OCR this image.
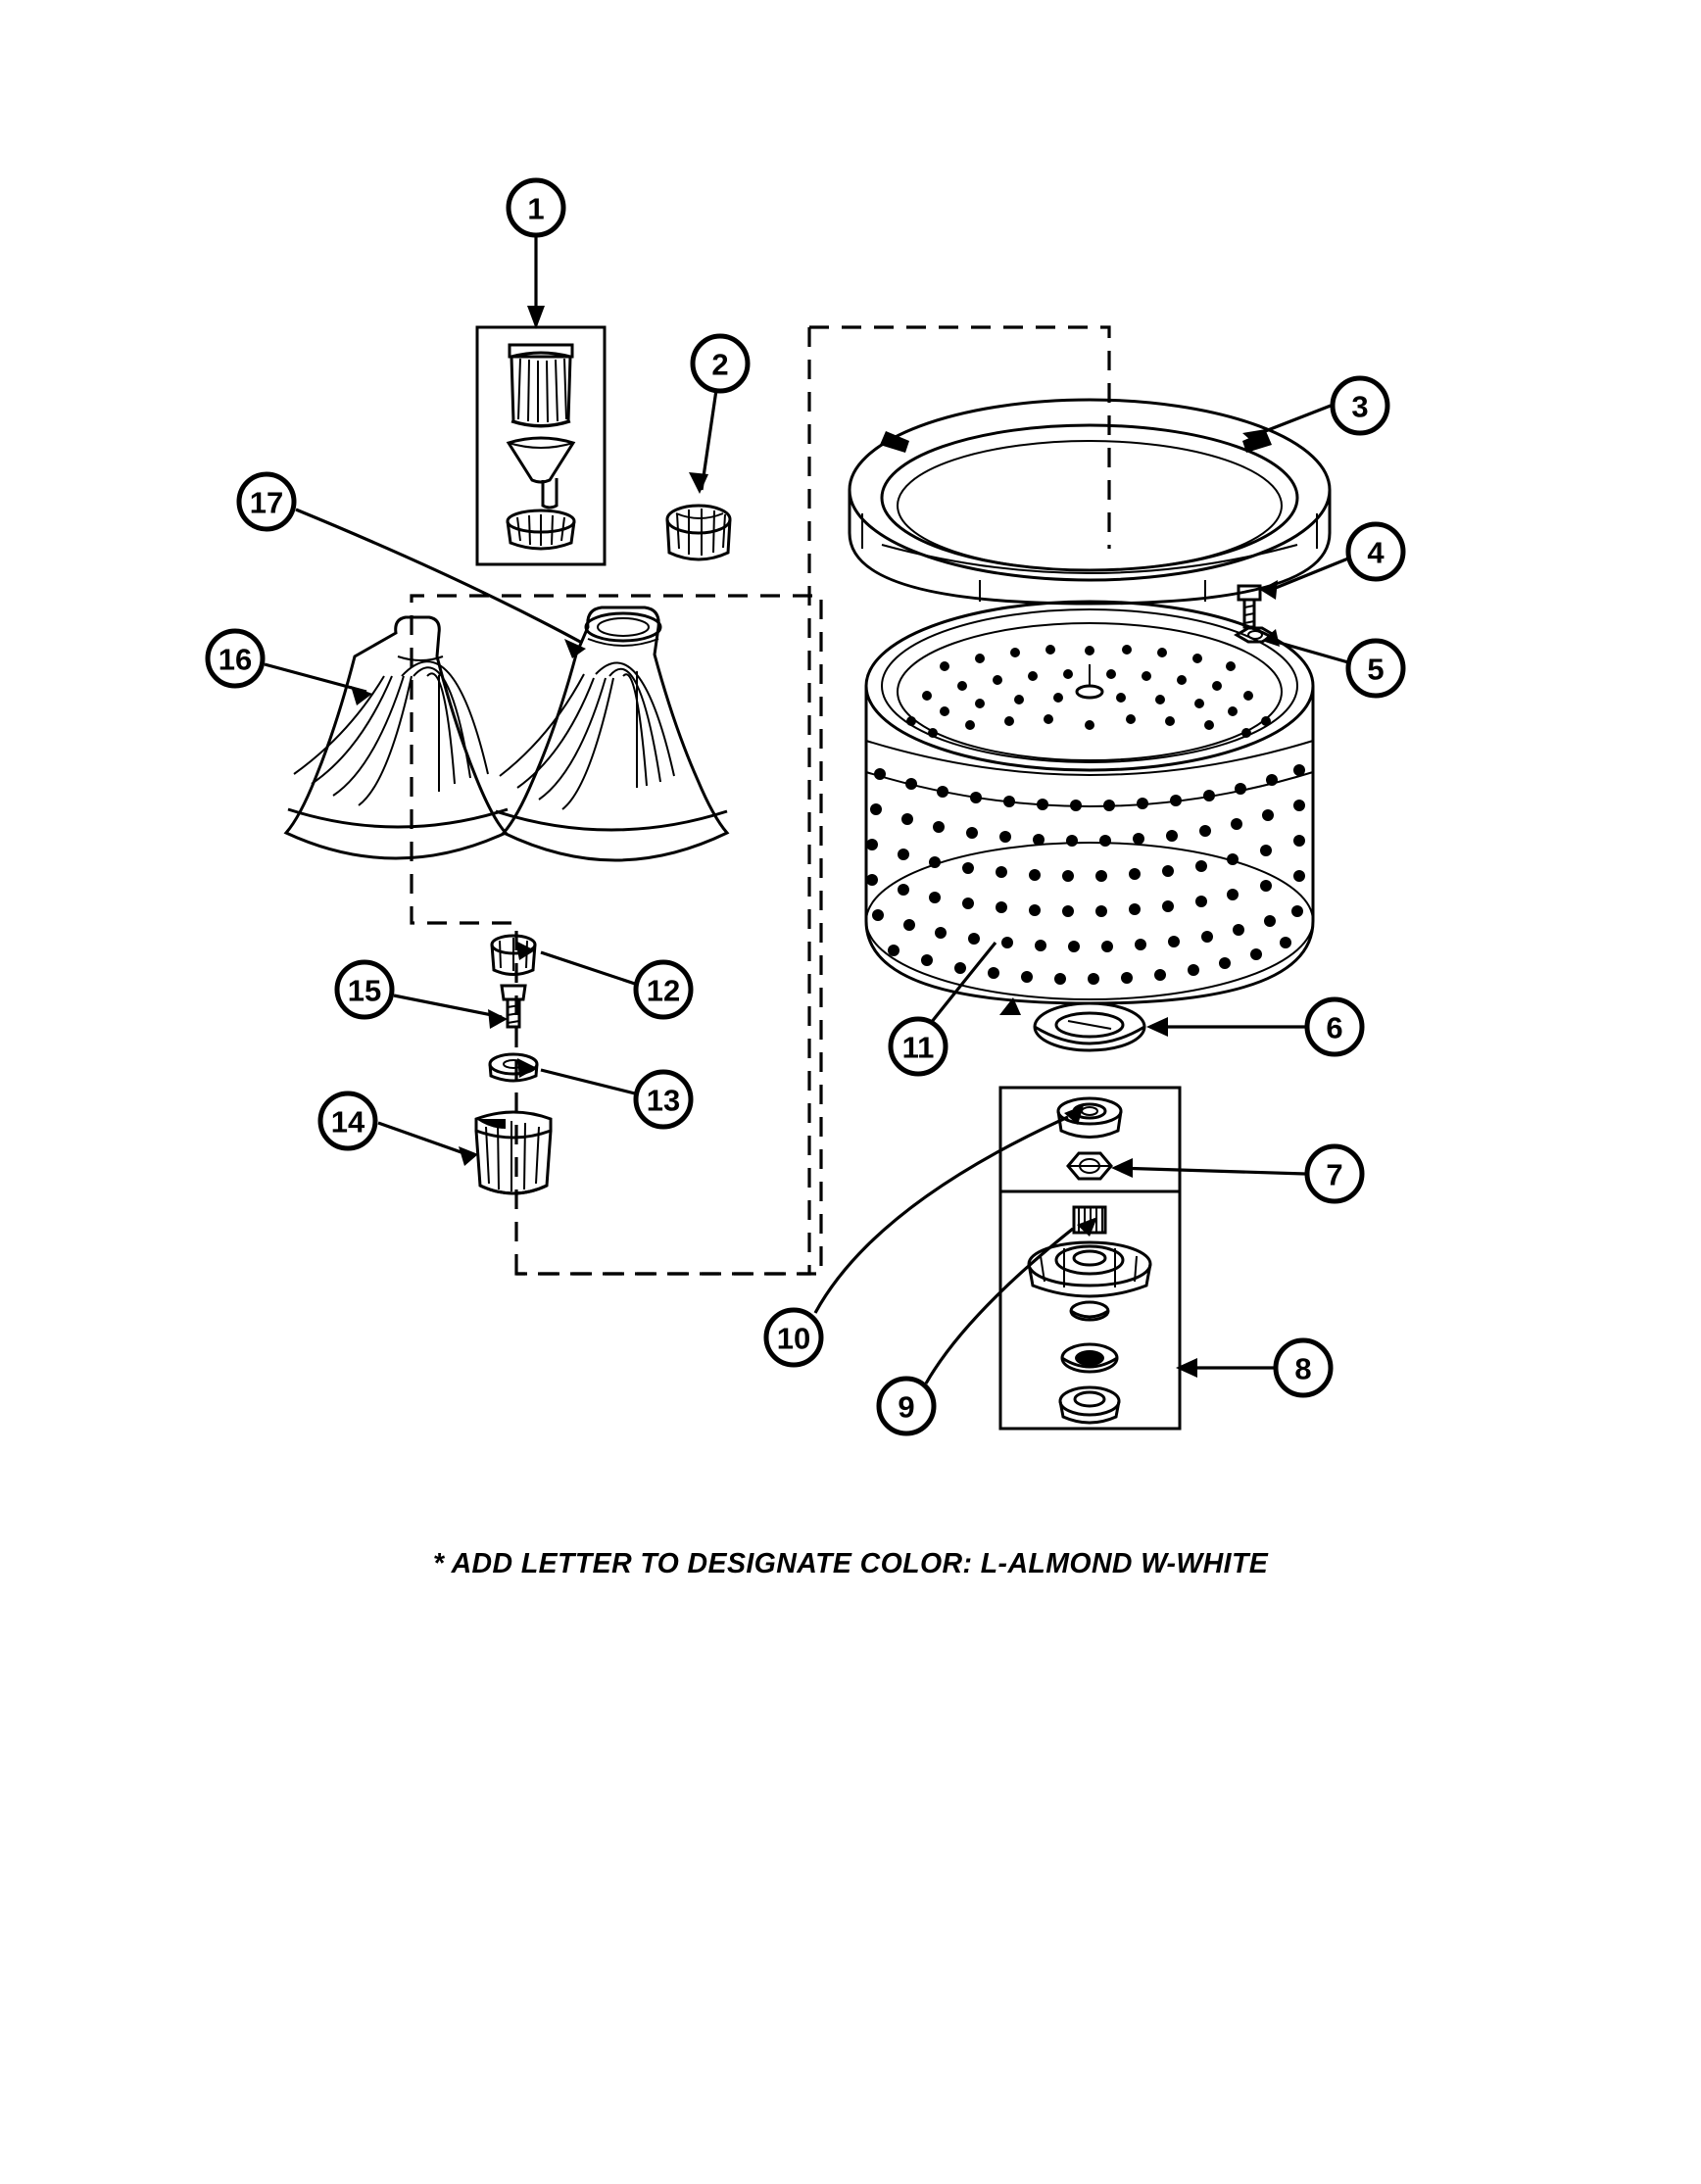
1
2
3
4
5
6
7
8
9
10
11
12
13
14
15
16
17
* ADD LETTER TO DESIGNATE COLOR: L-ALMOND W-WHITE
